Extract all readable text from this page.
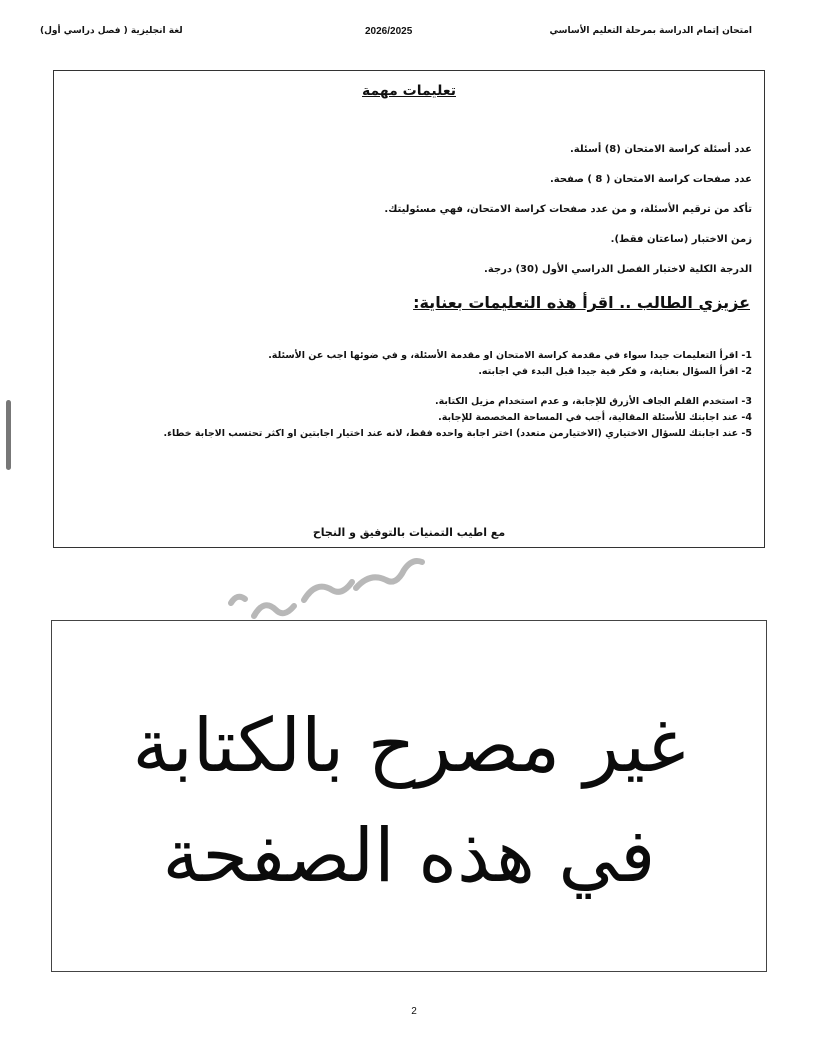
امتحان إتمام الدراسة بمرحلة التعليم الأساسي
2026/2025
لغة انجليزية ( فصل دراسي أول)
تعليمات مهمة
عدد أسئلة كراسة الامتحان (8) أسئلة.
عدد صفحات كراسة الامتحان ( 8 ) صفحة.
تأكد من ترقيم الأسئلة، و من عدد صفحات كراسة الامتحان، فهي مسئوليتك.
زمن الاختبار (ساعتان فقط).
الدرجة الكلية لاختبار الفصل الدراسي الأول (30) درجة.
عزيزي الطالب .. اقرأ هذه التعليمات بعناية:
1- اقرأ التعليمات جيدا سواء في مقدمة كراسة الامتحان او مقدمة الأسئلة، و في ضوئها اجب عن الأسئلة.
2- اقرأ السؤال بعناية، و فكر فية جيدا قبل البدء في اجابته.
3- استخدم القلم الجاف الأزرق للإجابة، و عدم استخدام مزيل الكتابة.
4- عند اجابتك للأسئلة المقالية، أجب في المساحة المخصصة للإجابة.
5- عند اجابتك للسؤال الاختياري (الاختيارمن متعدد) اختر اجابة واحده فقط، لانه عند اختيار اجابتين او اكثر تحتسب الاجابة خطاء.
مع اطيب التمنيات بالتوفيق و النجاح
غير مصرح بالكتابة
في هذه الصفحة
2
